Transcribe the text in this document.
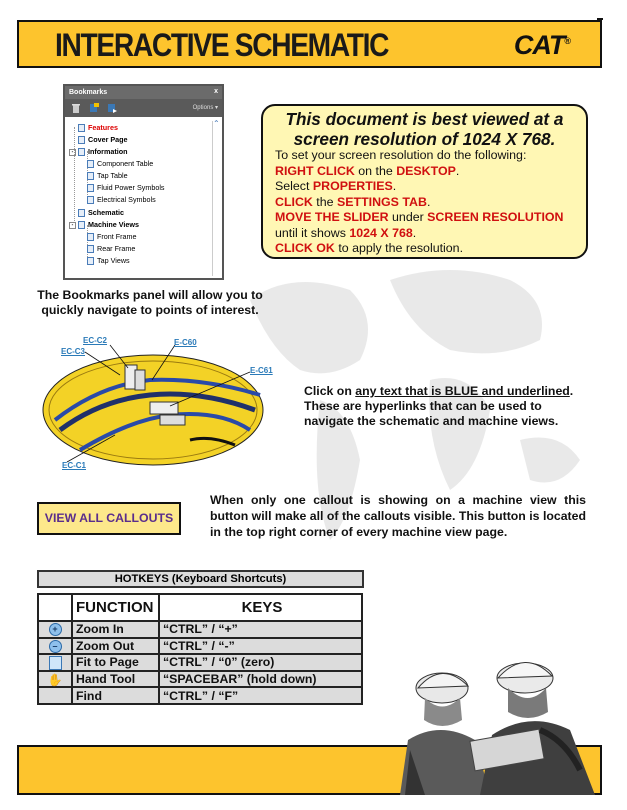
INTERACTIVE SCHEMATIC	CAT®
Bookmarks	x
Options ▾
Features
Cover Page
- Information
Component Table
Tap Table
Fluid Power Symbols
Electrical Symbols
Schematic
- Machine Views
Front Frame
Rear Frame
Tap Views
⌃
The Bookmarks panel will allow you to quickly navigate to points of interest.
This document is best viewed at a screen resolution of 1024 X 768.
To set your screen resolution do the following:
RIGHT CLICK on the DESKTOP.
Select PROPERTIES.
CLICK the SETTINGS TAB.
MOVE THE SLIDER under SCREEN RESOLUTION
until it shows 1024 X 768.
CLICK OK to apply the resolution.
EC-C2
EC-C3
E-C60
E-C61
EC-C1
Click on any text that is BLUE and underlined. These are hyperlinks that can be used to navigate the schematic and machine views.
VIEW ALL CALLOUTS
When only one callout is showing on a machine view this button will make all of the callouts visible. This button is located in the top right corner of every machine view page.
HOTKEYS (Keyboard Shortcuts)
	FUNCTION	KEYS
+	Zoom In	“CTRL” / “+”
–	Zoom Out	“CTRL” / “-”
	Fit to Page	“CTRL” / “0” (zero)
✋	Hand Tool	“SPACEBAR” (hold down)
	Find	“CTRL” / “F”
